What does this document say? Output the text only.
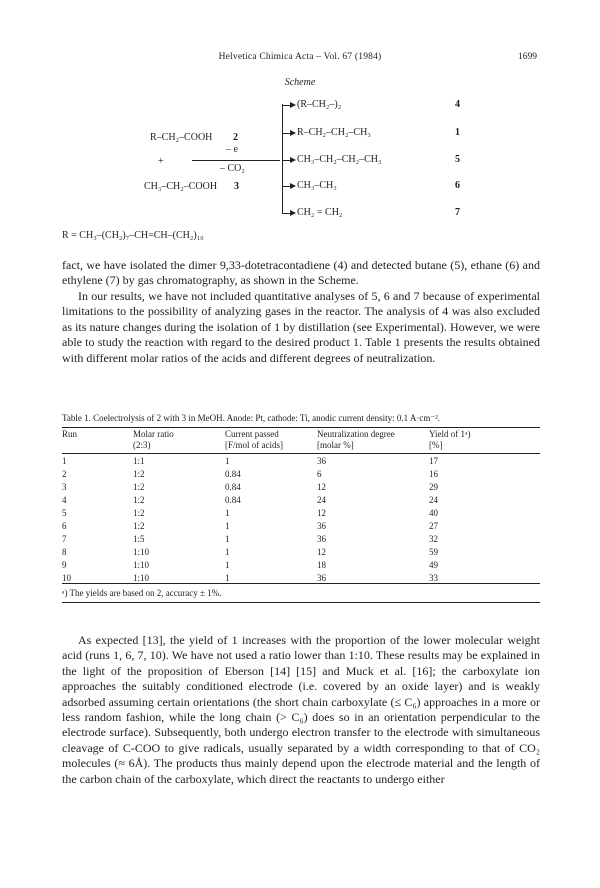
Helvetica Chimica Acta – Vol. 67 (1984)	1699
Scheme
R–CH₂–COOH 2
+
CH₃–CH₂–COOH 3
– e
– CO₂
(R–CH₂–)₂	4
R–CH₂–CH₂–CH₃	1
CH₃–CH₂–CH₂–CH₃	5
CH₃–CH₃	6
CH₂ = CH₂	7
R = CH₃–(CH₂)₇–CH=CH–(CH₂)₁₀
fact, we have isolated the dimer 9,33-dotetracontadiene (4) and detected butane (5), ethane (6) and ethylene (7) by gas chromatography, as shown in the Scheme.
In our results, we have not included quantitative analyses of 5, 6 and 7 because of experimental limitations to the possibility of analyzing gases in the reactor. The analysis of 4 was also excluded as its nature changes during the isolation of 1 by distillation (see Experimental). However, we were able to study the reaction with regard to the desired product 1. Table 1 presents the results obtained with different molar ratios of the acids and different degrees of neutralization.
Table 1. Coelectrolysis of 2 with 3 in MeOH. Anode: Pt, cathode: Ti, anodic current density: 0.1 A·cm⁻².
Run	Molar ratio	Current passed	Neutralization degree	Yield of 1ᵃ)
	(2:3)	[F/mol of acids]	[molar %]	[%]
1	1:1	1	36	17
2	1:2	0.84	6	16
3	1:2	0.84	12	29
4	1:2	0.84	24	24
5	1:2	1	12	40
6	1:2	1	36	27
7	1:5	1	36	32
8	1:10	1	12	59
9	1:10	1	18	49
10	1:10	1	36	33
ᵃ) The yields are based on 2, accuracy ± 1%.
As expected [13], the yield of 1 increases with the proportion of the lower molecular weight acid (runs 1, 6, 7, 10). We have not used a ratio lower than 1:10. These results may be explained in the light of the proposition of Eberson [14] [15] and Muck et al. [16]; the carboxylate ion approaches the suitably conditioned electrode (i.e. covered by an oxide layer) and is weakly adsorbed assuming certain orientations (the short chain carboxylate (≤ C₆) approaches in a more or less random fashion, while the long chain (> C₆) does so in an orientation perpendicular to the electrode surface). Subsequently, both undergo electron transfer to the electrode with simultaneous cleavage of C-COO to give radicals, usually separated by a width corresponding to that of CO₂ molecules (≈ 6Å). The products thus mainly depend upon the electrode material and the length of the carbon chain of the carboxylate, which direct the reactants to undergo either
